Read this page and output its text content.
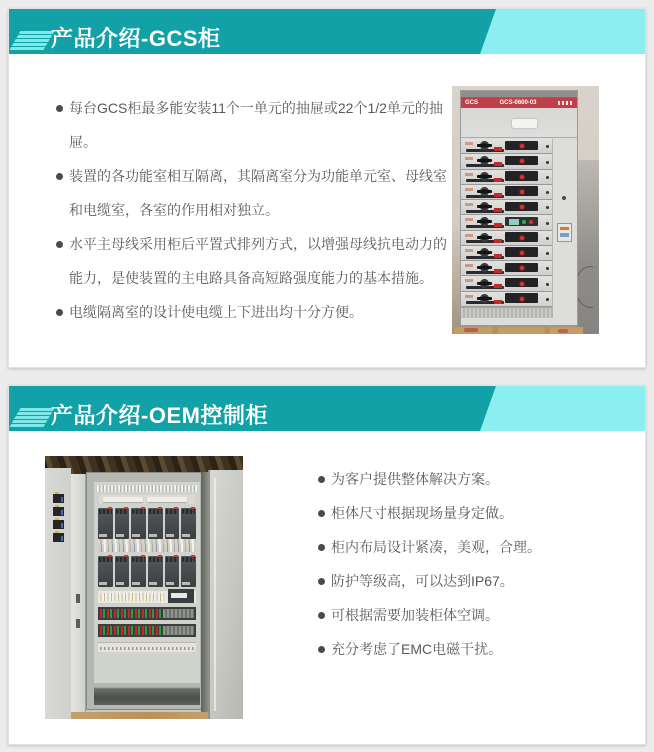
产品介绍-GCS柜
每台GCS柜最多能安装11个一单元的抽屉或22个1/2单元的抽屉。
装置的各功能室相互隔离，其隔离室分为功能单元室、母线室和电缆室，各室的作用相对独立。
水平主母线采用柜后平置式排列方式，以增强母线抗电动力的能力，是使装置的主电路具备高短路强度能力的基本措施。
电缆隔离室的设计使电缆上下进出均十分方便。
GCS	GCS-0600-03
产品介绍-OEM控制柜
为客户提供整体解决方案。
柜体尺寸根据现场量身定做。
柜内布局设计紧凑，美观，合理。
防护等级高，可以达到IP67。
可根据需要加装柜体空调。
充分考虑了EMC电磁干扰。
